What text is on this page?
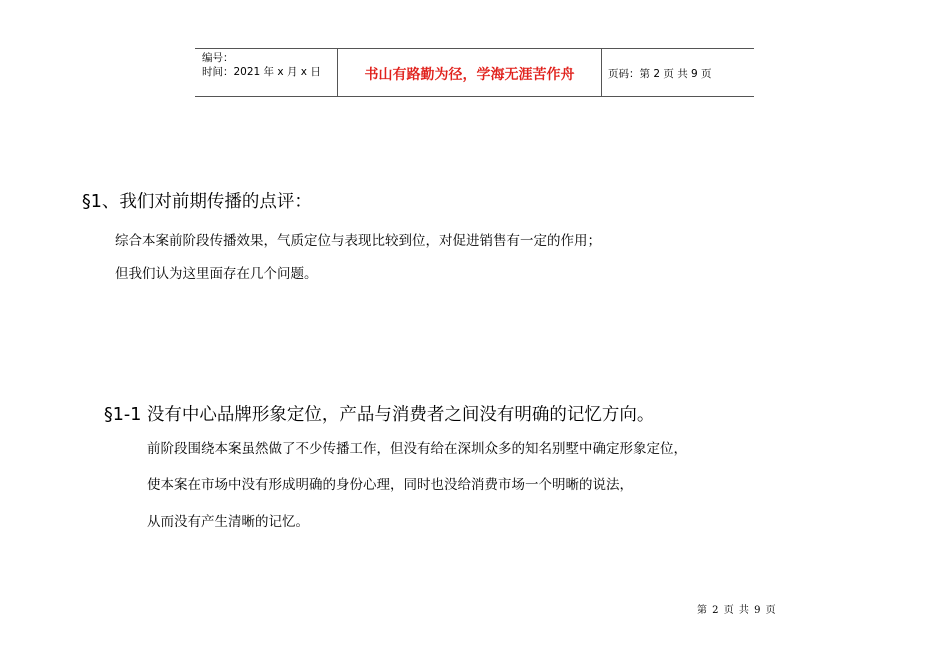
编号：
时间：2021 年 x 月 x 日	书山有路勤为径，学海无涯苦作舟	页码：第 2 页 共 9 页
§1、我们对前期传播的点评：
综合本案前阶段传播效果，气质定位与表现比较到位，对促进销售有一定的作用；
但我们认为这里面存在几个问题。
§1-1 没有中心品牌形象定位，产品与消费者之间没有明确的记忆方向。
前阶段围绕本案虽然做了不少传播工作，但没有给在深圳众多的知名别墅中确定形象定位，
使本案在市场中没有形成明确的身份心理，同时也没给消费市场一个明晰的说法，
从而没有产生清晰的记忆。
第 2 页 共 9 页
